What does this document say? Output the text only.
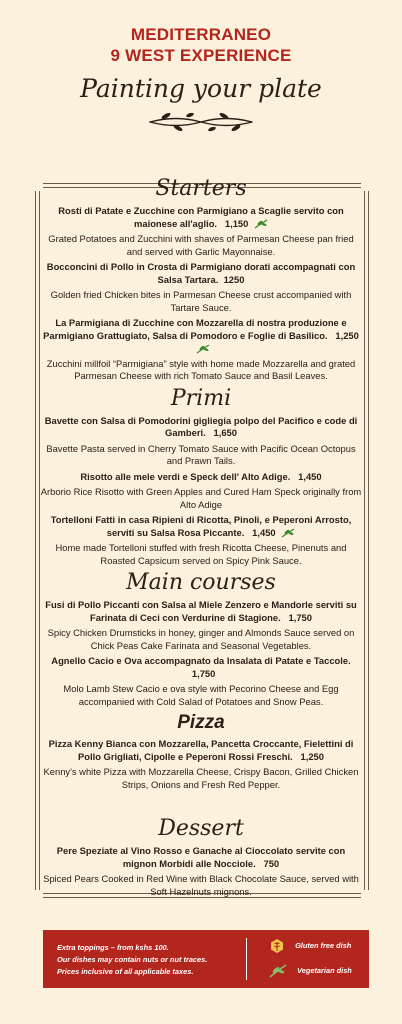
MEDITERRANEO
9 WEST EXPERIENCE
Painting your plate
Starters
Rosti di Patate e Zucchine con Parmigiano a Scaglie servito con maionese all'aglio. 1,150
Grated Potatoes and Zucchini with shaves of Parmesan Cheese pan fried and served with Garlic Mayonnaise.
Bocconcini di Pollo in Crosta di Parmigiano dorati accompagnati con Salsa Tartara. 1250
Golden fried Chicken bites in Parmesan Cheese crust accompanied with Tartare Sauce.
La Parmigiana di Zucchine con Mozzarella di nostra produzione e Parmigiano Grattugiato, Salsa di Pomodoro e Foglie di Basilico. 1,250
Zucchini millfoil “Parmigiana” style with home made Mozzarella and grated Parmesan Cheese with rich Tomato Sauce and Basil Leaves.
Primi
Bavette con Salsa di Pomodorini gigliegia polpo del Pacifico e code di Gamberi. 1,650
Bavette Pasta served in Cherry Tomato Sauce with Pacific Ocean Octopus and Prawn Tails.
Risotto alle mele verdi e Speck dell' Alto Adige. 1,450
Arborio Rice Risotto with Green Apples and Cured Ham Speck originally from Alto Adige
Tortelloni Fatti in casa Ripieni di Ricotta, Pinoli, e Peperoni Arrosto, serviti su Salsa Rosa Piccante. 1,450
Home made Tortelloni stuffed with fresh Ricotta Cheese, Pinenuts and Roasted Capsicum served on Spicy Pink Sauce.
Main courses
Fusi di Pollo Piccanti con Salsa al Miele Zenzero e Mandorle serviti su Farinata di Ceci con Verdurine di Stagione. 1,750
Spicy Chicken Drumsticks in honey, ginger and Almonds Sauce served on Chick Peas Cake Farinata and Seasonal Vegetables.
Agnello Cacio e Ova accompagnato da Insalata di Patate e Taccole.   1,750
Molo Lamb Stew Cacio e ova style with Pecorino Cheese and Egg accompanied with Cold Salad of Potatoes and Snow Peas.
Pizza
Pizza Kenny Bianca con Mozzarella, Pancetta Croccante, Fielettini di Pollo Grigliati, Cipolle e Peperoni Rossi Freschi. 1,250
Kenny's white Pizza with Mozzarella Cheese, Crispy Bacon, Grilled Chicken Strips, Onions and Fresh Red Pepper.
Dessert
Pere Speziate al Vino Rosso e Ganache al Cioccolato servite con mignon Morbidi alle Nocciole. 750
Spiced Pears Cooked in Red Wine with Black Chocolate Sauce, served with Soft Hazelnuts mignons.
Extra toppings – from kshs 100.
Our dishes may contain nuts or nut traces.
Prices inclusive of all applicable taxes.
Gluten free dish
Vegetarian dish
